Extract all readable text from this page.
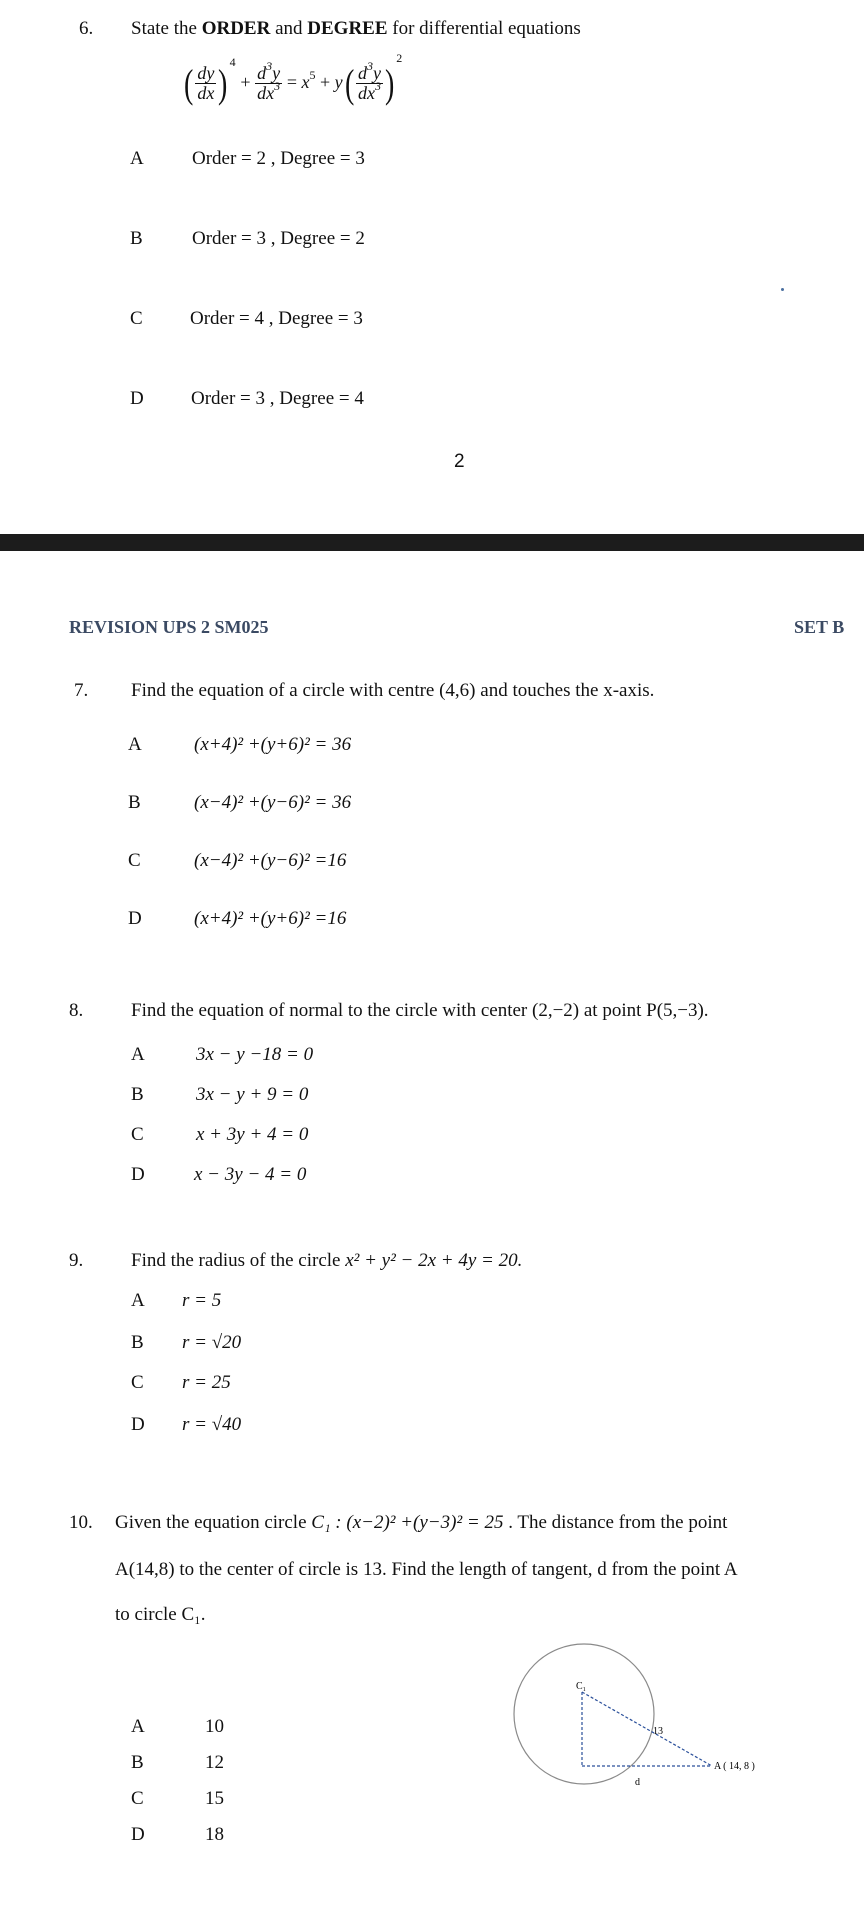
6. State the ORDER and DEGREE for differential equations
( $\frac{dy}{dx}$ ) $^4 + \frac{d^3y}{dx^3} = x^5 + y( \frac{d^3y}{dx^3} )^2$
A	Order = 2 , Degree = 3
B	Order = 3 , Degree = 2
C Order = 4 , Degree = 3
D Order = 3 , Degree = 4
2
REVISION UPS 2 SM025	SET B
7. Find the equation of a circle with centre (4,6) and touches the x-axis.
A	(x+4)² +(y+6)² = 36
B	(x−4)² +(y−6)² = 36
C	(x−4)² +(y−6)² =16
D	(x+4)² +(y+6)² =16
8.	Find the equation of normal to the circle with center (2,−2) at point P(5,−3).
A	3x − y −18 = 0
B	3x − y + 9 = 0
C	x + 3y + 4 = 0
D	x − 3y − 4 = 0
9.	Find the radius of the circle x² + y² − 2x + 4y = 20.
A r = 5
B r = √20
C r = 25
D r = √40
10. Given the equation circle C₁ : (x−2)² +(y−3)² = 25 . The distance from the point
A(14,8) to the center of circle is 13. Find the length of tangent, d from the point A
to circle C₁.
A	10
B	12
C	15
D	18
C₁
13
A ( 14, 8 )
d
